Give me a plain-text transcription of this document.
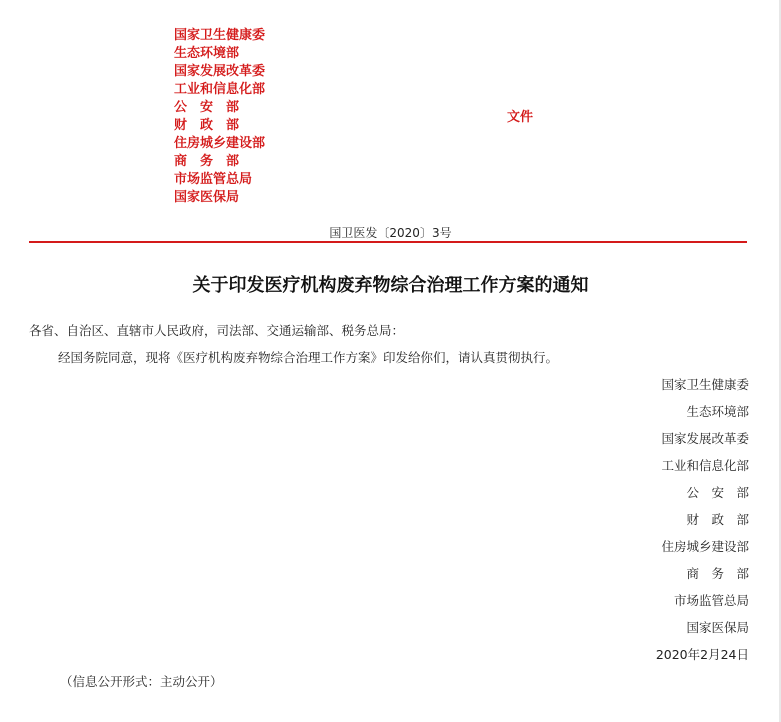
国家卫生健康委
生态环境部
国家发展改革委
工业和信息化部
公　安　部
财　政　部
住房城乡建设部
商　务　部
市场监管总局
国家医保局
文件
国卫医发〔2020〕3号
关于印发医疗机构废弃物综合治理工作方案的通知
各省、自治区、直辖市人民政府，司法部、交通运输部、税务总局：
经国务院同意，现将《医疗机构废弃物综合治理工作方案》印发给你们，请认真贯彻执行。
国家卫生健康委
生态环境部
国家发展改革委
工业和信息化部
公　安　部
财　政　部
住房城乡建设部
商　务　部
市场监管总局
国家医保局
2020年2月24日
（信息公开形式：主动公开）
